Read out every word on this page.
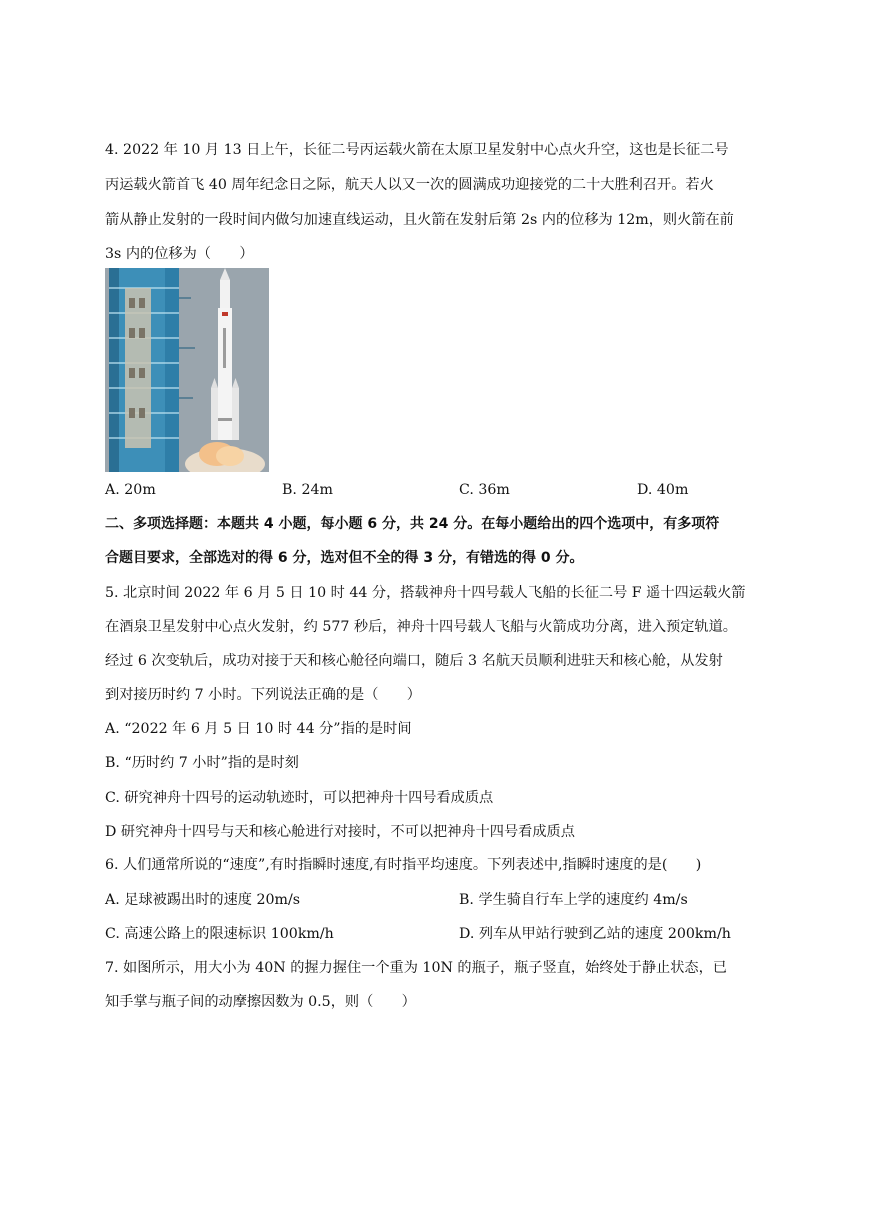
4. 2022 年 10 月 13 日上午，长征二号丙运载火箭在太原卫星发射中心点火升空，这也是长征二号
丙运载火箭首飞 40 周年纪念日之际，航天人以又一次的圆满成功迎接党的二十大胜利召开。若火
箭从静止发射的一段时间内做匀加速直线运动，且火箭在发射后第 2s 内的位移为 12m，则火箭在前
3s 内的位移为（　　）
A. 20m	B. 24m	C. 36m	D. 40m
二、多项选择题：本题共 4 小题，每小题 6 分，共 24 分。在每小题给出的四个选项中，有多项符
合题目要求，全部选对的得 6 分，选对但不全的得 3 分，有错选的得 0 分。
5. 北京时间 2022 年 6 月 5 日 10 时 44 分，搭载神舟十四号载人飞船的长征二号 F 遥十四运载火箭
在酒泉卫星发射中心点火发射，约 577 秒后，神舟十四号载人飞船与火箭成功分离，进入预定轨道。
经过 6 次变轨后，成功对接于天和核心舱径向端口，随后 3 名航天员顺利进驻天和核心舱，从发射
到对接历时约 7 小时。下列说法正确的是（　　）
A. “2022 年 6 月 5 日 10 时 44 分”指的是时间
B. “历时约 7 小时”指的是时刻
C. 研究神舟十四号的运动轨迹时，可以把神舟十四号看成质点
D 研究神舟十四号与天和核心舱进行对接时，不可以把神舟十四号看成质点
6. 人们通常所说的“速度”,有时指瞬时速度,有时指平均速度。下列表述中,指瞬时速度的是(　　)
A. 足球被踢出时的速度 20m/s	B. 学生骑自行车上学的速度约 4m/s
C. 高速公路上的限速标识 100km/h	D. 列车从甲站行驶到乙站的速度 200km/h
7. 如图所示，用大小为 40N 的握力握住一个重为 10N 的瓶子，瓶子竖直，始终处于静止状态，已
知手掌与瓶子间的动摩擦因数为 0.5，则（　　）
